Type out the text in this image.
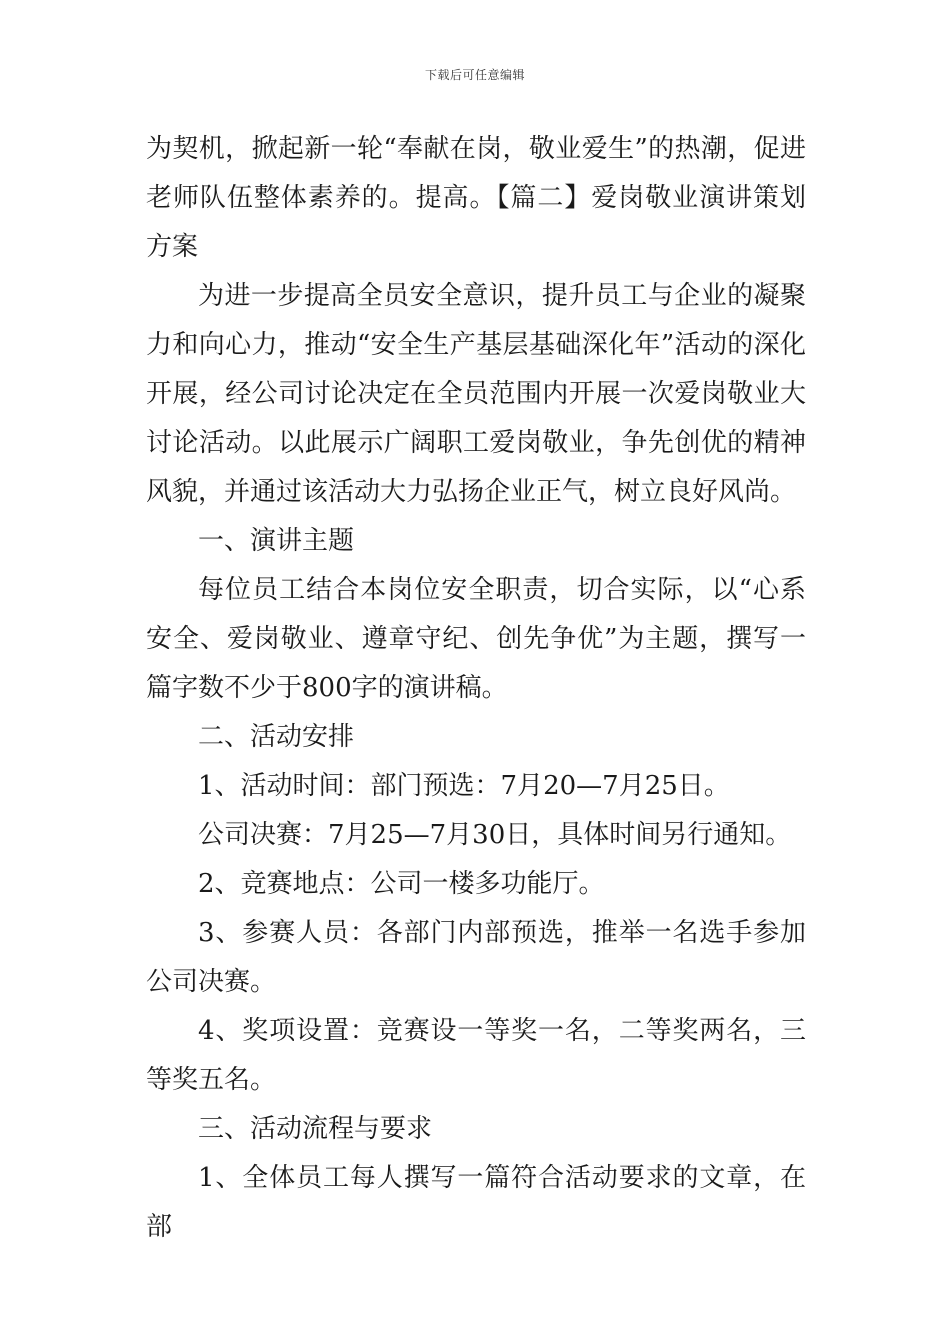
下载后可任意编辑

为契机，掀起新一轮“奉献在岗，敬业爱生”的热潮，促进老师队伍整体素养的。提高。【篇二】爱岗敬业演讲策划方案

为进一步提高全员安全意识，提升员工与企业的凝聚力和向心力，推动“安全生产基层基础深化年”活动的深化开展，经公司讨论决定在全员范围内开展一次爱岗敬业大讨论活动。以此展示广阔职工爱岗敬业，争先创优的精神风貌，并通过该活动大力弘扬企业正气，树立良好风尚。

一、演讲主题

每位员工结合本岗位安全职责，切合实际，以“心系安全、爱岗敬业、遵章守纪、创先争优”为主题，撰写一篇字数不少于800字的演讲稿。

二、活动安排

1、活动时间：部门预选：7月20—7月25日。

公司决赛：7月25—7月30日，具体时间另行通知。

2、竞赛地点：公司一楼多功能厅。

3、参赛人员：各部门内部预选，推举一名选手参加公司决赛。

4、奖项设置：竞赛设一等奖一名，二等奖两名，三等奖五名。

三、活动流程与要求

1、全体员工每人撰写一篇符合活动要求的文章，在部
